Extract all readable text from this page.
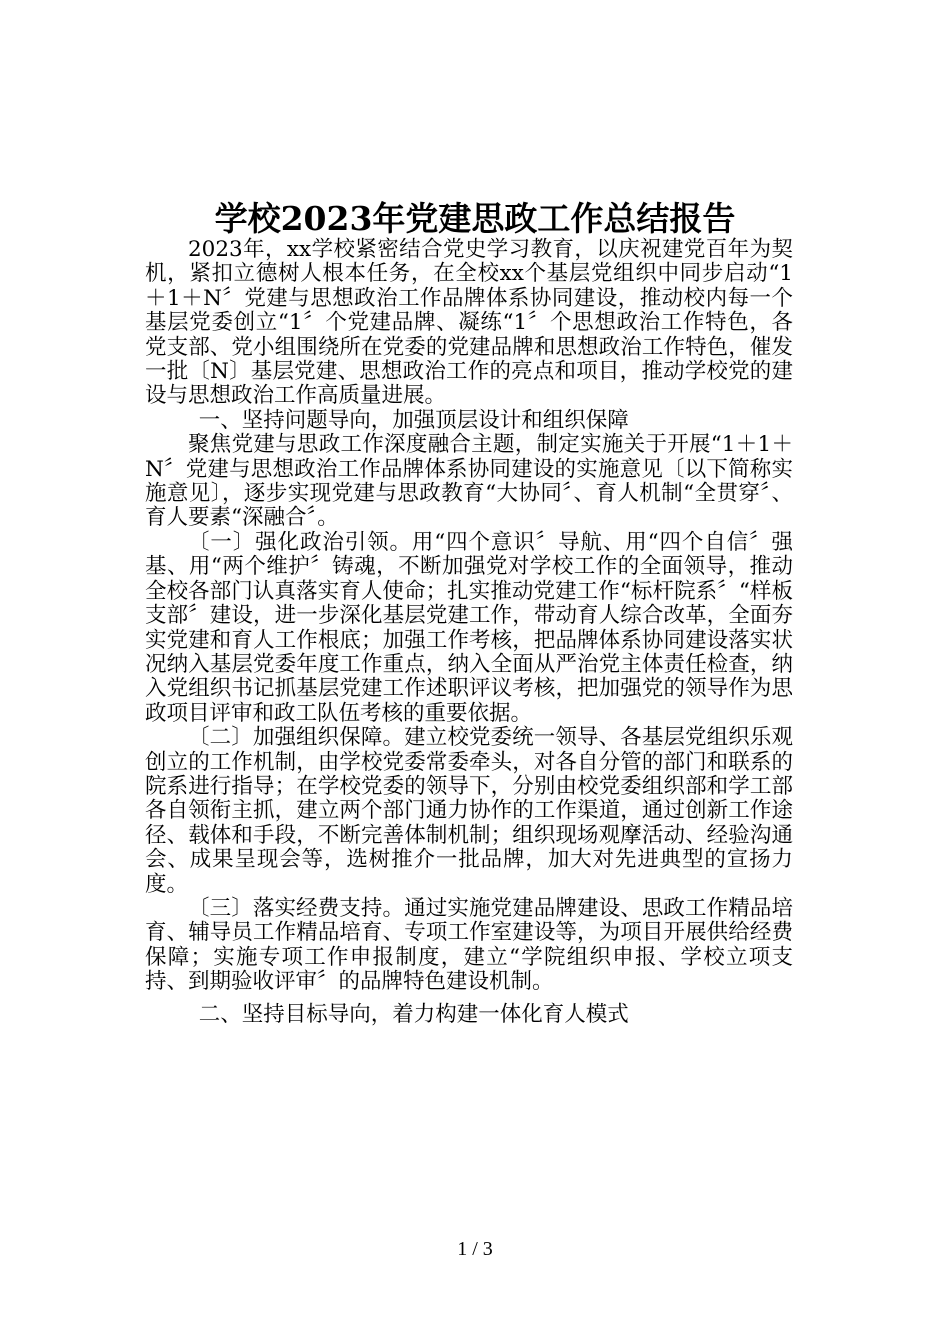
学校2023年党建思政工作总结报告

2023年，xx学校紧密结合党史学习教育，以庆祝建党百年为契机，紧扣立德树人根本任务，在全校xx个基层党组织中同步启动“1＋1＋N〞党建与思想政治工作品牌体系协同建设，推动校内每一个基层党委创立“1〞个党建品牌、凝练“1〞个思想政治工作特色，各党支部、党小组围绕所在党委的党建品牌和思想政治工作特色，催发一批〔N〕基层党建、思想政治工作的亮点和项目，推动学校党的建设与思想政治工作高质量进展。

一、坚持问题导向，加强顶层设计和组织保障

聚焦党建与思政工作深度融合主题，制定实施关于开展“1＋1＋N〞党建与思想政治工作品牌体系协同建设的实施意见〔以下简称实施意见〕，逐步实现党建与思政教育“大协同〞、育人机制“全贯穿〞、育人要素“深融合〞。

〔一〕强化政治引领。用“四个意识〞导航、用“四个自信〞强基、用“两个维护〞铸魂，不断加强党对学校工作的全面领导，推动全校各部门认真落实育人使命；扎实推动党建工作“标杆院系〞“样板支部〞建设，进一步深化基层党建工作，带动育人综合改革，全面夯实党建和育人工作根底；加强工作考核，把品牌体系协同建设落实状况纳入基层党委年度工作重点，纳入全面从严治党主体责任检查，纳入党组织书记抓基层党建工作述职评议考核，把加强党的领导作为思政项目评审和政工队伍考核的重要依据。

〔二〕加强组织保障。建立校党委统一领导、各基层党组织乐观创立的工作机制，由学校党委常委牵头，对各自分管的部门和联系的院系进行指导；在学校党委的领导下，分别由校党委组织部和学工部各自领衔主抓，建立两个部门通力协作的工作渠道，通过创新工作途径、载体和手段，不断完善体制机制；组织现场观摩活动、经验沟通会、成果呈现会等，选树推介一批品牌，加大对先进典型的宣扬力度。

〔三〕落实经费支持。通过实施党建品牌建设、思政工作精品培育、辅导员工作精品培育、专项工作室建设等，为项目开展供给经费保障；实施专项工作申报制度，建立“学院组织申报、学校立项支持、到期验收评审〞的品牌特色建设机制。

二、坚持目标导向，着力构建一体化育人模式

1 / 3
